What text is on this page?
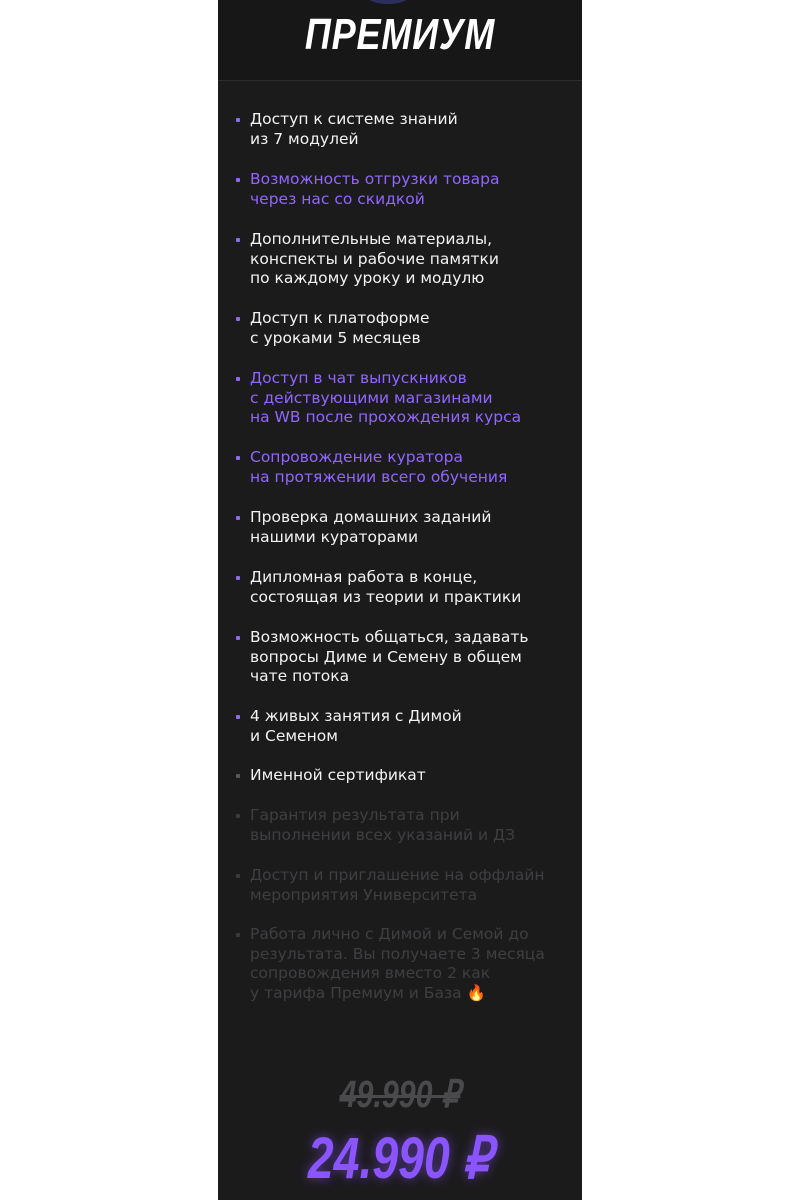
ПРЕМИУМ

Доступ к системе знаний
из 7 модулей

Возможность отгрузки товара
через нас со скидкой

Дополнительные материалы,
конспекты и рабочие памятки
по каждому уроку и модулю

Доступ к платоформе
с уроками 5 месяцев

Доступ в чат выпускников
с действующими магазинами
на WB после прохождения курса

Сопровождение куратора
на протяжении всего обучения

Проверка домашних заданий
нашими кураторами

Дипломная работа в конце,
состоящая из теории и практики

Возможность общаться, задавать
вопросы Диме и Семену в общем
чате потока

4 живых занятия с Димой
и Семеном

Именной сертификат

Гарантия результата при
выполнении всех указаний и ДЗ

Доступ и приглашение на оффлайн
мероприятия Университета

Работа лично с Димой и Семой до
результата. Вы получаете 3 месяца
сопровождения вместо 2 как
у тарифа Премиум и База 🔥

49.990 ₽
24.990 ₽
